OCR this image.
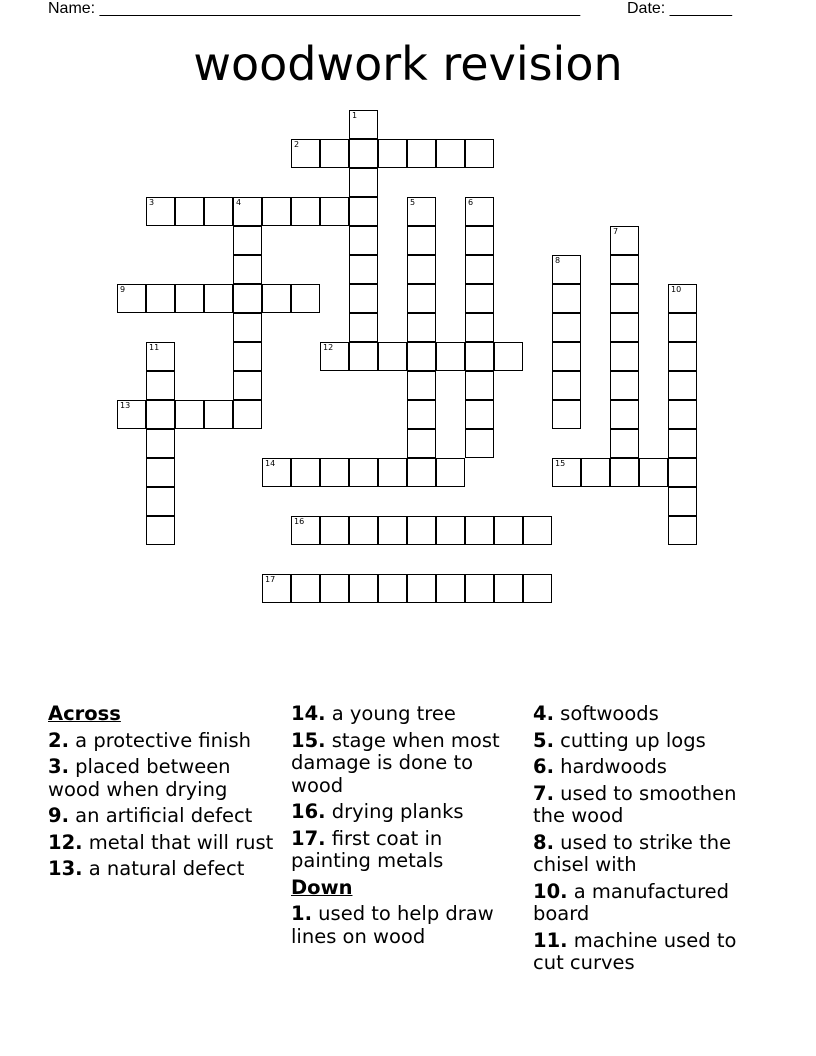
Name: ______________________________________________________	Date: _______
woodwork revision
1
2
3	4	5	6
7
8
9	10
11	12
13
14	15
16
17
Across
2. a protective finish
3. placed between wood when drying
9. an artificial defect
12. metal that will rust
13. a natural defect
14. a young tree
15. stage when most damage is done to wood
16. drying planks
17. first coat in painting metals
Down
1. used to help draw lines on wood
4. softwoods
5. cutting up logs
6. hardwoods
7. used to smoothen the wood
8. used to strike the chisel with
10. a manufactured board
11. machine used to cut curves
